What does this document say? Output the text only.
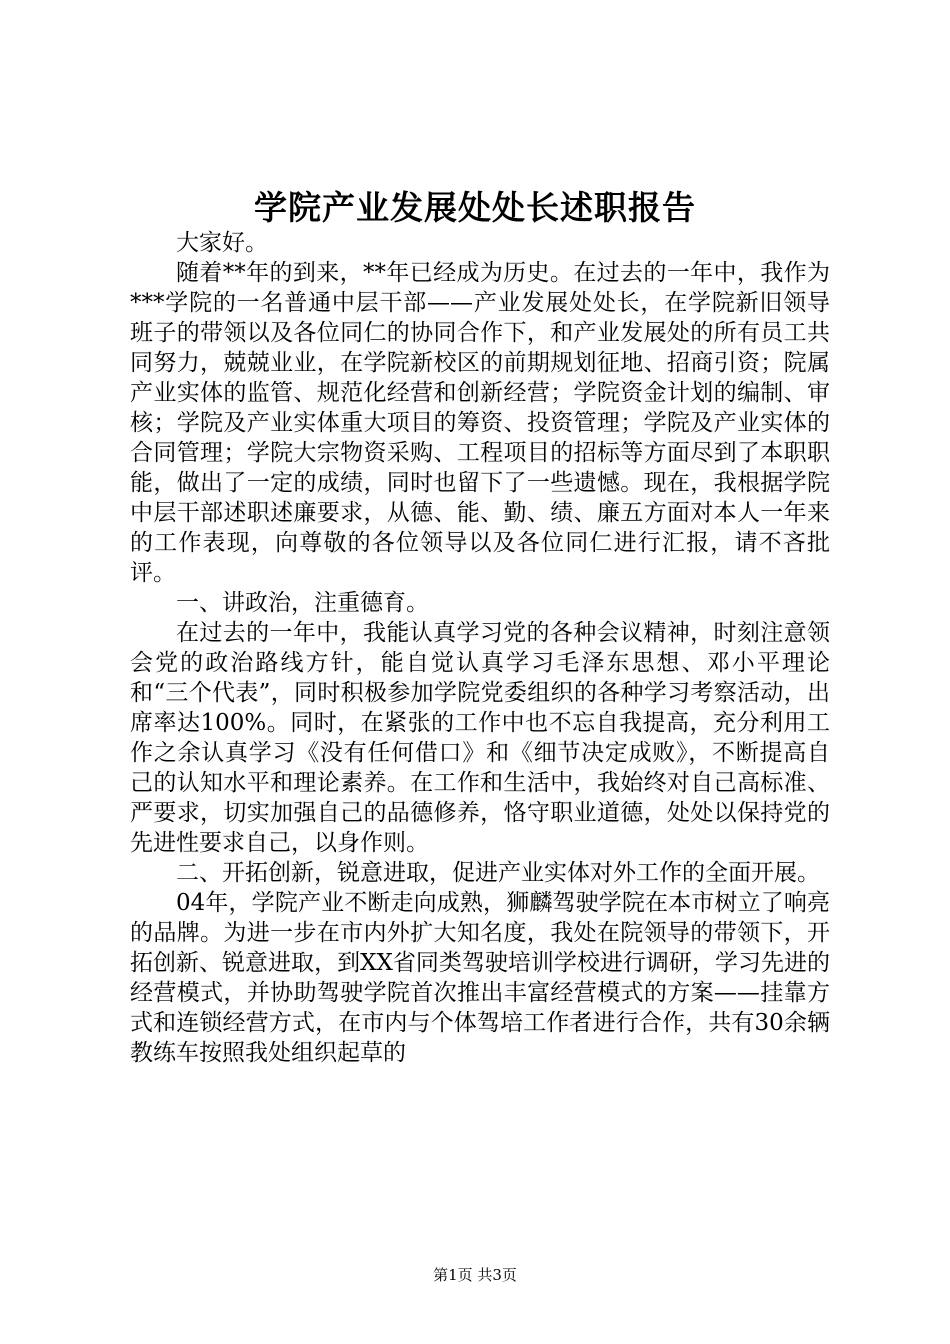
学院产业发展处处长述职报告

大家好。

随着**年的到来，**年已经成为历史。在过去的一年中，我作为***学院的一名普通中层干部——产业发展处处长，在学院新旧领导班子的带领以及各位同仁的协同合作下，和产业发展处的所有员工共同努力，兢兢业业，在学院新校区的前期规划征地、招商引资；院属产业实体的监管、规范化经营和创新经营；学院资金计划的编制、审核；学院及产业实体重大项目的筹资、投资管理；学院及产业实体的合同管理；学院大宗物资采购、工程项目的招标等方面尽到了本职职能，做出了一定的成绩，同时也留下了一些遗憾。现在，我根据学院中层干部述职述廉要求，从德、能、勤、绩、廉五方面对本人一年来的工作表现，向尊敬的各位领导以及各位同仁进行汇报，请不吝批评。

一、讲政治，注重德育。

在过去的一年中，我能认真学习党的各种会议精神，时刻注意领会党的政治路线方针，能自觉认真学习毛泽东思想、邓小平理论和“三个代表”，同时积极参加学院党委组织的各种学习考察活动，出席率达100%。同时，在紧张的工作中也不忘自我提高，充分利用工作之余认真学习《没有任何借口》和《细节决定成败》，不断提高自己的认知水平和理论素养。在工作和生活中，我始终对自己高标准、严要求，切实加强自己的品德修养，恪守职业道德，处处以保持党的先进性要求自己，以身作则。

二、开拓创新，锐意进取，促进产业实体对外工作的全面开展。

04年，学院产业不断走向成熟，狮麟驾驶学院在本市树立了响亮的品牌。为进一步在市内外扩大知名度，我处在院领导的带领下，开拓创新、锐意进取，到XX省同类驾驶培训学校进行调研，学习先进的经营模式，并协助驾驶学院首次推出丰富经营模式的方案——挂靠方式和连锁经营方式，在市内与个体驾培工作者进行合作，共有30余辆教练车按照我处组织起草的

第1页 共3页
